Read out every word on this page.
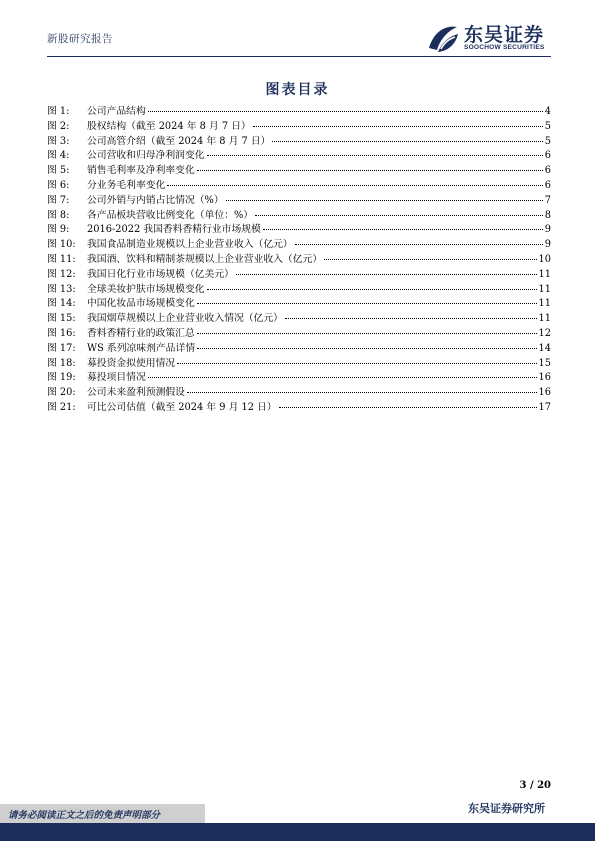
新股研究报告	东吴证券
SOOCHOW SECURITIES
图表目录
图 1:	公司产品结构	4
图 2:	股权结构（截至 2024 年 8 月 7 日）	5
图 3:	公司高管介绍（截至 2024 年 8 月 7 日）	5
图 4:	公司营收和归母净利润变化	6
图 5:	销售毛利率及净利率变化	6
图 6:	分业务毛利率变化	6
图 7:	公司外销与内销占比情况（%）	7
图 8:	各产品板块营收比例变化（单位：%）	8
图 9:	2016-2022 我国香料香精行业市场规模	9
图 10:	我国食品制造业规模以上企业营业收入（亿元）	9
图 11:	我国酒、饮料和精制茶规模以上企业营业收入（亿元）	10
图 12:	我国日化行业市场规模（亿美元）	11
图 13:	全球美妆护肤市场规模变化	11
图 14:	中国化妆品市场规模变化	11
图 15:	我国烟草规模以上企业营业收入情况（亿元）	11
图 16:	香料香精行业的政策汇总	12
图 17:	WS 系列凉味剂产品详情	14
图 18:	募投资金拟使用情况	15
图 19:	募投项目情况	16
图 20:	公司未来盈利预测假设	16
图 21:	可比公司估值（截至 2024 年 9 月 12 日）	17
3 / 20
请务必阅读正文之后的免责声明部分
东吴证券研究所
